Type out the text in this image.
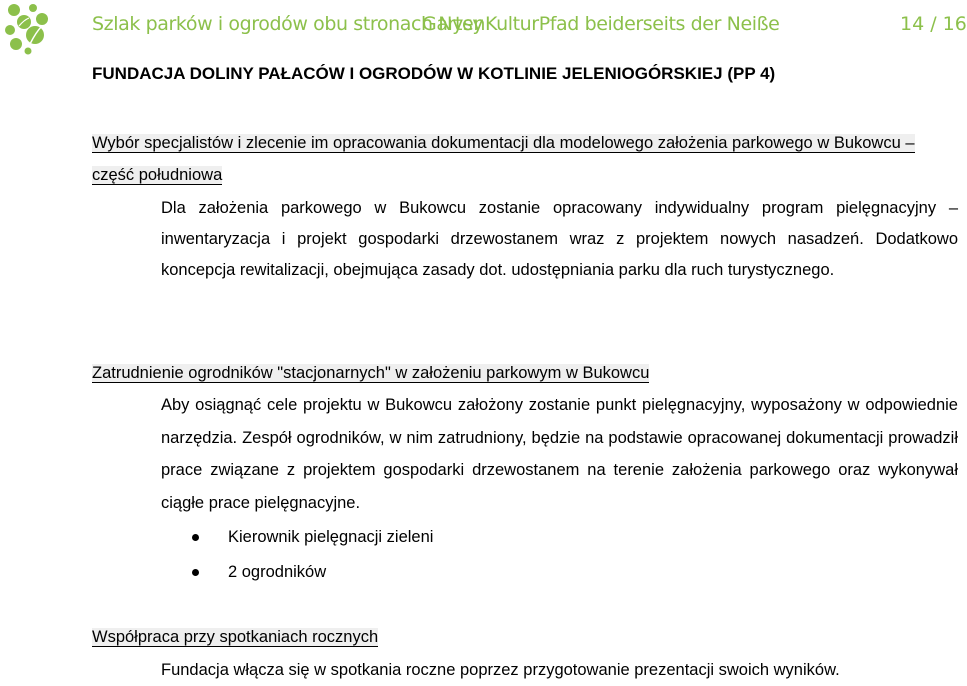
Szlak parków i ogrodów obu stronach Nysy
GartenKulturPfad beiderseits der Neiße	14 / 16
FUNDACJA DOLINY PAŁACÓW I OGRODÓW W KOTLINIE JELENIOGÓRSKIEJ (PP 4)
Wybór specjalistów i zlecenie im opracowania dokumentacji dla modelowego założenia parkowego w Bukowcu – część południowa
Dla założenia parkowego w Bukowcu zostanie opracowany indywidualny program pielęgnacyjny – inwentaryzacja i projekt gospodarki drzewostanem wraz z projektem nowych nasadzeń. Dodatkowo koncepcja rewitalizacji, obejmująca zasady dot. udostępniania parku dla ruch turystycznego.
Zatrudnienie ogrodników "stacjonarnych" w założeniu parkowym w Bukowcu
Aby osiągnąć cele projektu w Bukowcu założony zostanie punkt pielęgnacyjny, wyposażony w odpowiednie narzędzia. Zespół ogrodników, w nim zatrudniony, będzie na podstawie opracowanej dokumentacji prowadził prace związane z projektem gospodarki drzewostanem na terenie założenia parkowego oraz wykonywał ciągłe prace pielęgnacyjne.
Kierownik pielęgnacji zieleni
2 ogrodników
Współpraca przy spotkaniach rocznych
Fundacja włącza się w spotkania roczne poprzez przygotowanie prezentacji swoich wyników.
